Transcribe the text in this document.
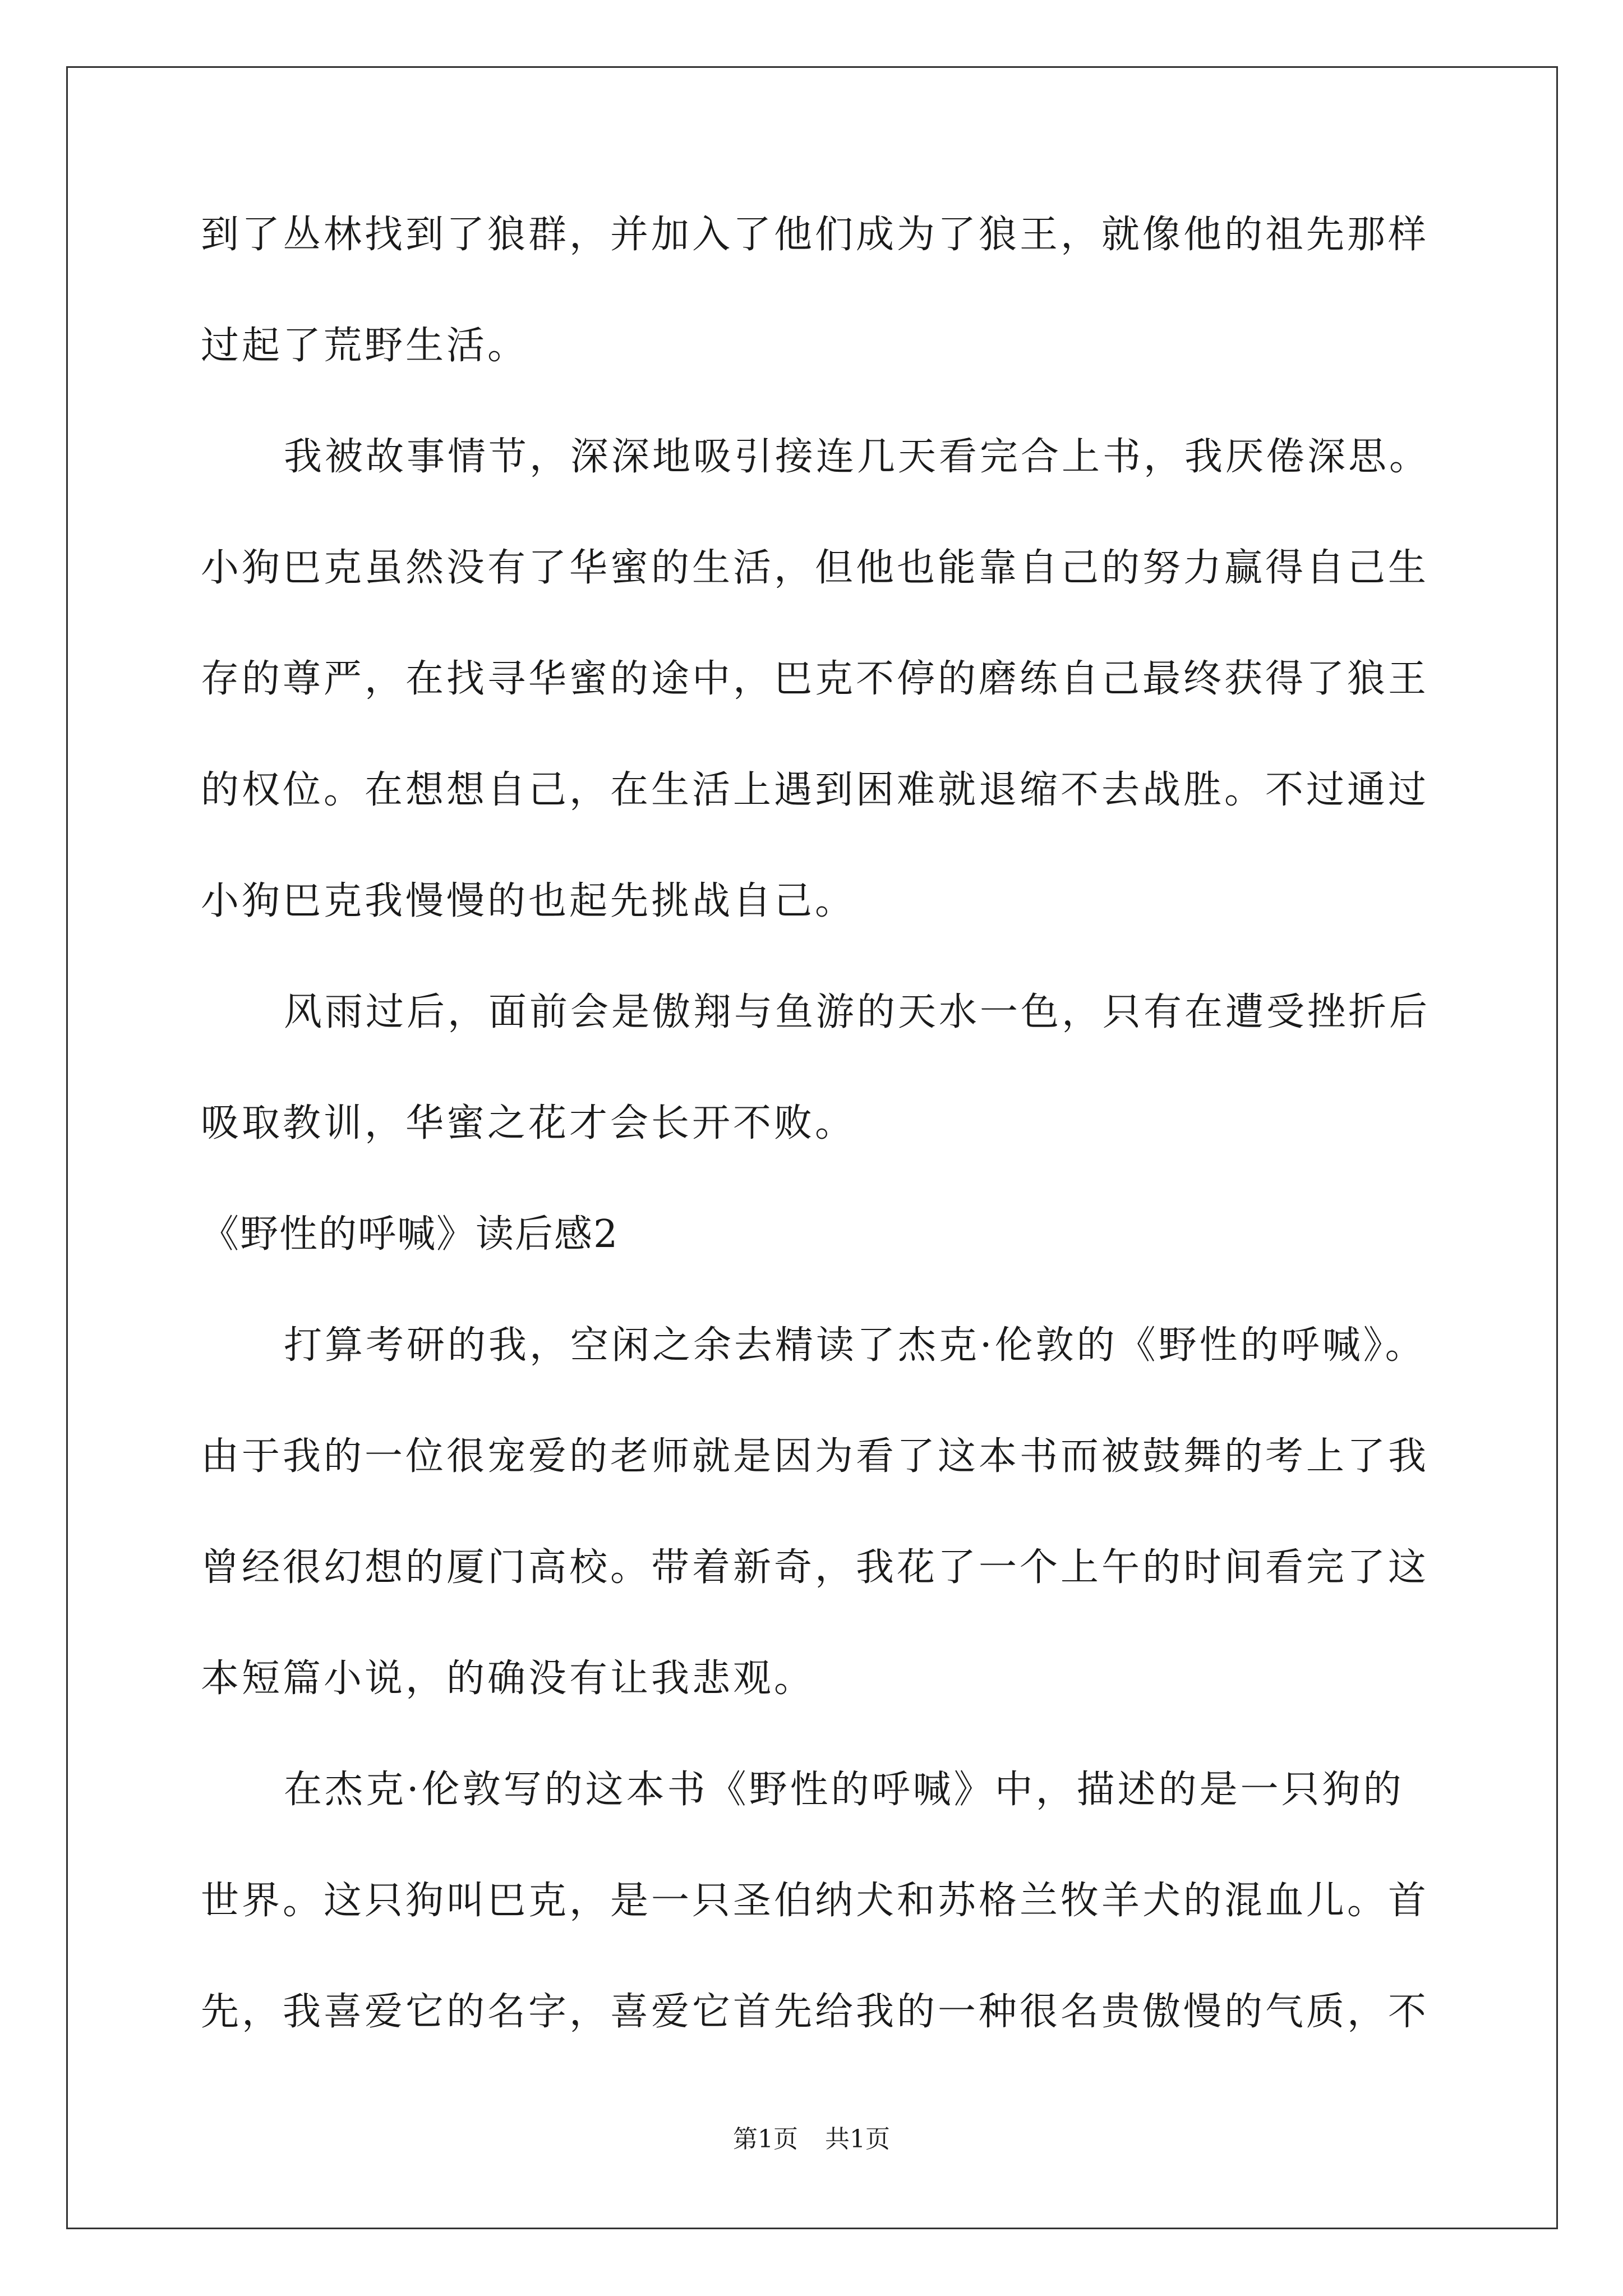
到了丛林找到了狼群，并加入了他们成为了狼王，就像他的祖先那样
过起了荒野生活。
我被故事情节，深深地吸引接连几天看完合上书，我厌倦深思。
小狗巴克虽然没有了华蜜的生活，但他也能靠自己的努力赢得自己生
存的尊严，在找寻华蜜的途中，巴克不停的磨练自己最终获得了狼王
的权位。在想想自己，在生活上遇到困难就退缩不去战胜。不过通过
小狗巴克我慢慢的也起先挑战自己。
风雨过后，面前会是傲翔与鱼游的天水一色，只有在遭受挫折后
吸取教训，华蜜之花才会长开不败。
《野性的呼喊》读后感2
打算考研的我，空闲之余去精读了杰克·伦敦的《野性的呼喊》。
由于我的一位很宠爱的老师就是因为看了这本书而被鼓舞的考上了我
曾经很幻想的厦门高校。带着新奇，我花了一个上午的时间看完了这
本短篇小说，的确没有让我悲观。
在杰克·伦敦写的这本书《野性的呼喊》中，描述的是一只狗的
世界。这只狗叫巴克，是一只圣伯纳犬和苏格兰牧羊犬的混血儿。首
先，我喜爱它的名字，喜爱它首先给我的一种很名贵傲慢的气质，不
第1页 共1页
